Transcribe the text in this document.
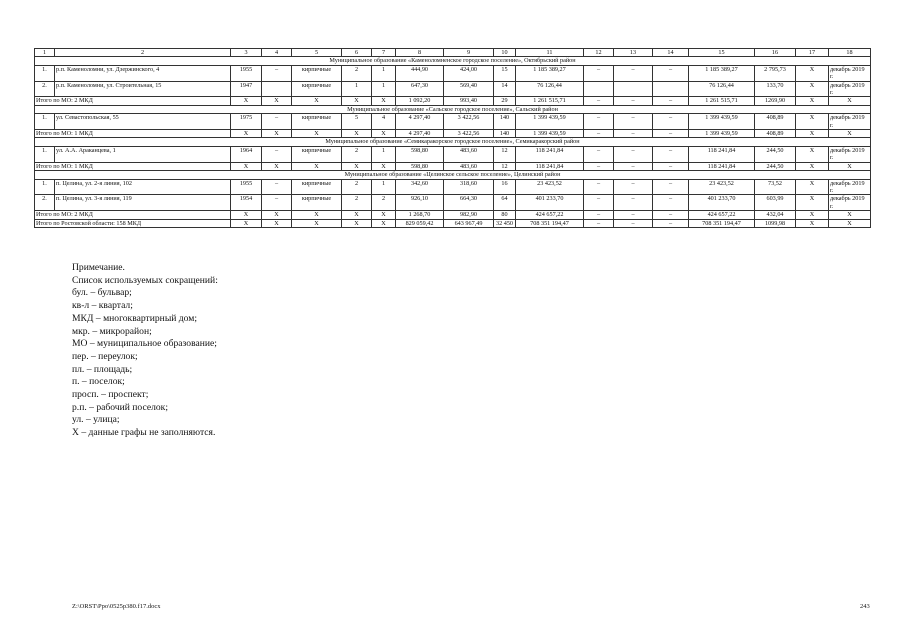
1	2	3	4	5	6	7	8	9	10	11	12	13	14	15	16	17	18
Муниципальное образование «Каменоломненское городское поселение», Октябрьский район																	
1.	р.п. Каменоломни, ул. Дзержинского, 4	1955	–	кирпичные	2	1	444,90	424,00	15	1 185 389,27	–	–	–	1 185 389,27	2 795,73	X	декабрь 2019 г.
2.	р.п. Каменоломни, ул. Строительная, 15	1947		кирпичные	1	1	647,30	569,40	14	76 126,44				76 126,44	133,70	X	декабрь 2019 г.
Итого по МО: 2 МКД		X	X	X	X	X	1 092,20	993,40	29	1 261 515,71	–	–	–	1 261 515,71	1269,90	X	X
Муниципальное образование «Сальское городское поселение», Сальский район																	
1.	ул. Севастопольская, 55	1975	–	кирпичные	5	4	4 297,40	3 422,56	140	1 399 439,59	–	–	–	1 399 439,59	408,89	X	декабрь 2019 г.
Итого по МО: 1 МКД		X	X	X	X	X	4 297,40	3 422,56	140	1 399 439,59	–	–	–	1 399 439,59	408,89	X	X
Муниципальное образование «Семикаракорское городское поселение», Семикаракорский район																	
1.	ул. А.А. Араканцева, 1	1964	–	кирпичные	2	1	598,80	483,60	12	118 241,84	–	–	–	118 241,84	244,50	X	декабрь 2019 г.
Итого по МО: 1 МКД		X	X	X	X	X	598,80	483,60	12	118 241,84	–	–	–	118 241,84	244,50	X	X
Муниципальное образование «Целинское сельское поселение», Целинский район																	
1.	п. Целина, ул. 2-я линия, 102	1955	–	кирпичные	2	1	342,60	318,60	16	23 423,52	–	–	–	23 423,52	73,52	X	декабрь 2019 г.
2.	п. Целина, ул. 3-я линия, 119	1954	–	кирпичные	2	2	926,10	664,30	64	401 233,70	–	–	–	401 233,70	603,99	X	декабрь 2019 г.
Итого по МО: 2 МКД		X	X	X	X	X	1 268,70	982,90	80	424 657,22	–	–	–	424 657,22	432,04	X	X
Итого по Ростовской области: 158 МКД		X	X	X	X	X	829 059,42	643 967,49	32 450	708 351 194,47	–	–	–	708 351 194,47	1099,98	X	X
Примечание.
Список используемых сокращений:
бул. – бульвар;
кв-л – квартал;
МКД – многоквартирный дом;
мкр. – микрорайон;
МО – муниципальное образование;
пер. – переулок;
пл. – площадь;
п. – поселок;
просп. – проспект;
р.п. – рабочий поселок;
ул. – улица;
X – данные графы не заполняются.
Z:\ORST\Ppo\0525p380.f17.docx	243
